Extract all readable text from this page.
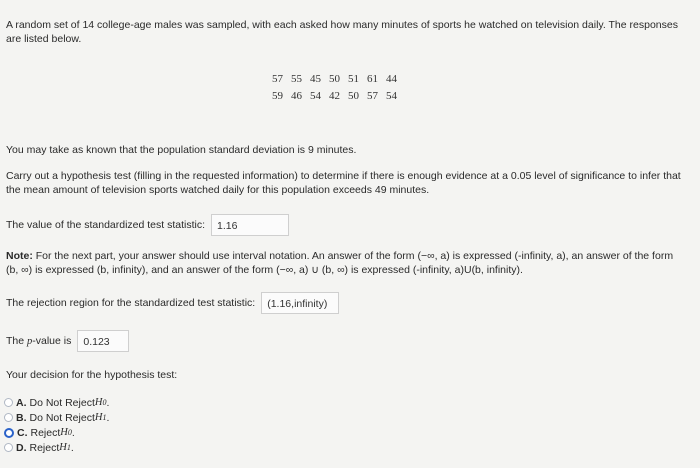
A random set of 14 college-age males was sampled, with each asked how many minutes of sports he watched on television daily. The responses are listed below.

57	55	45	50	51	61	44
59	46	54	42	50	57	54

You may take as known that the population standard deviation is 9 minutes.

Carry out a hypothesis test (filling in the requested information) to determine if there is enough evidence at a 0.05 level of significance to infer that the mean amount of television sports watched daily for this population exceeds 49 minutes.

The value of the standardized test statistic:	1.16

Note: For the next part, your answer should use interval notation. An answer of the form (−∞, a) is expressed (-infinity, a), an answer of the form (b, ∞) is expressed (b, infinity), and an answer of the form (−∞, a) ∪ (b, ∞) is expressed (-infinity, a)U(b, infinity).

The rejection region for the standardized test statistic:	(1.16,infinity)
The p-value is	0.123

Your decision for the hypothesis test:

A. Do Not Reject H 0 .
B. Do Not Reject H 1 .
C. Reject H 0 .
D. Reject H 1 .
